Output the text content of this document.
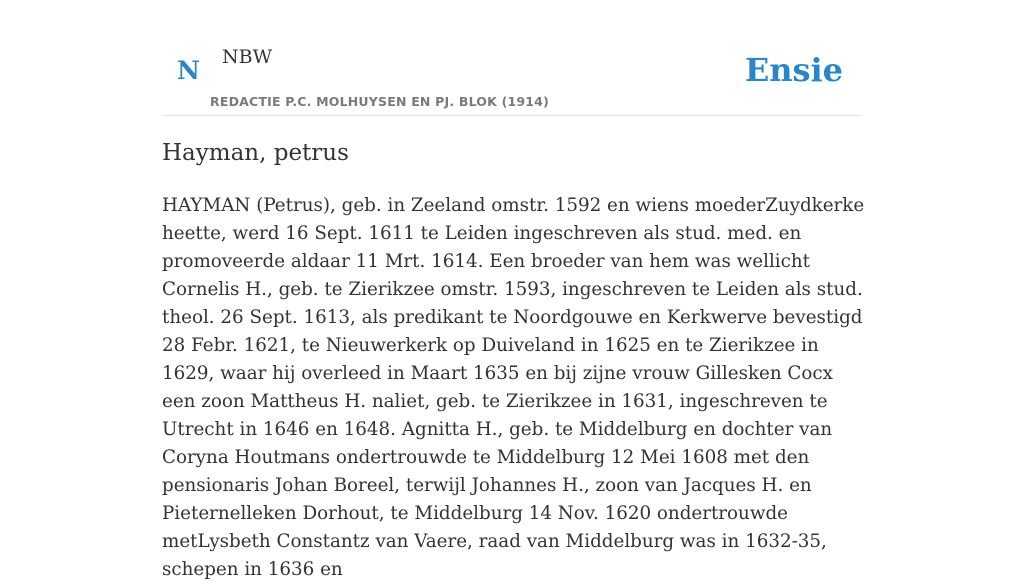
N NBW
REDACTIE P.C. MOLHUYSEN EN PJ. BLOK (1914)
Ensie
Hayman, petrus

HAYMAN (Petrus), geb. in Zeeland omstr. 1592 en wiens moederZuydkerke heette, werd 16 Sept. 1611 te Leiden ingeschreven als stud. med. en promoveerde aldaar 11 Mrt. 1614. Een broeder van hem was wellicht Cornelis H., geb. te Zierikzee omstr. 1593, ingeschreven te Leiden als stud. theol. 26 Sept. 1613, als predikant te Noordgouwe en Kerkwerve bevestigd 28 Febr. 1621, te Nieuwerkerk op Duiveland in 1625 en te Zierikzee in 1629, waar hij overleed in Maart 1635 en bij zijne vrouw Gillesken Cocx een zoon Mattheus H. naliet, geb. te Zierikzee in 1631, ingeschreven te Utrecht in 1646 en 1648. Agnitta H., geb. te Middelburg en dochter van Coryna Houtmans ondertrouwde te Middelburg 12 Mei 1608 met den pensionaris Johan Boreel, terwijl Johannes H., zoon van Jacques H. en Pieternelleken Dorhout, te Middelburg 14 Nov. 1620 ondertrouwde metLysbeth Constantz van Vaere, raad van Middelburg was in 1632-35, schepen in 1636 en
